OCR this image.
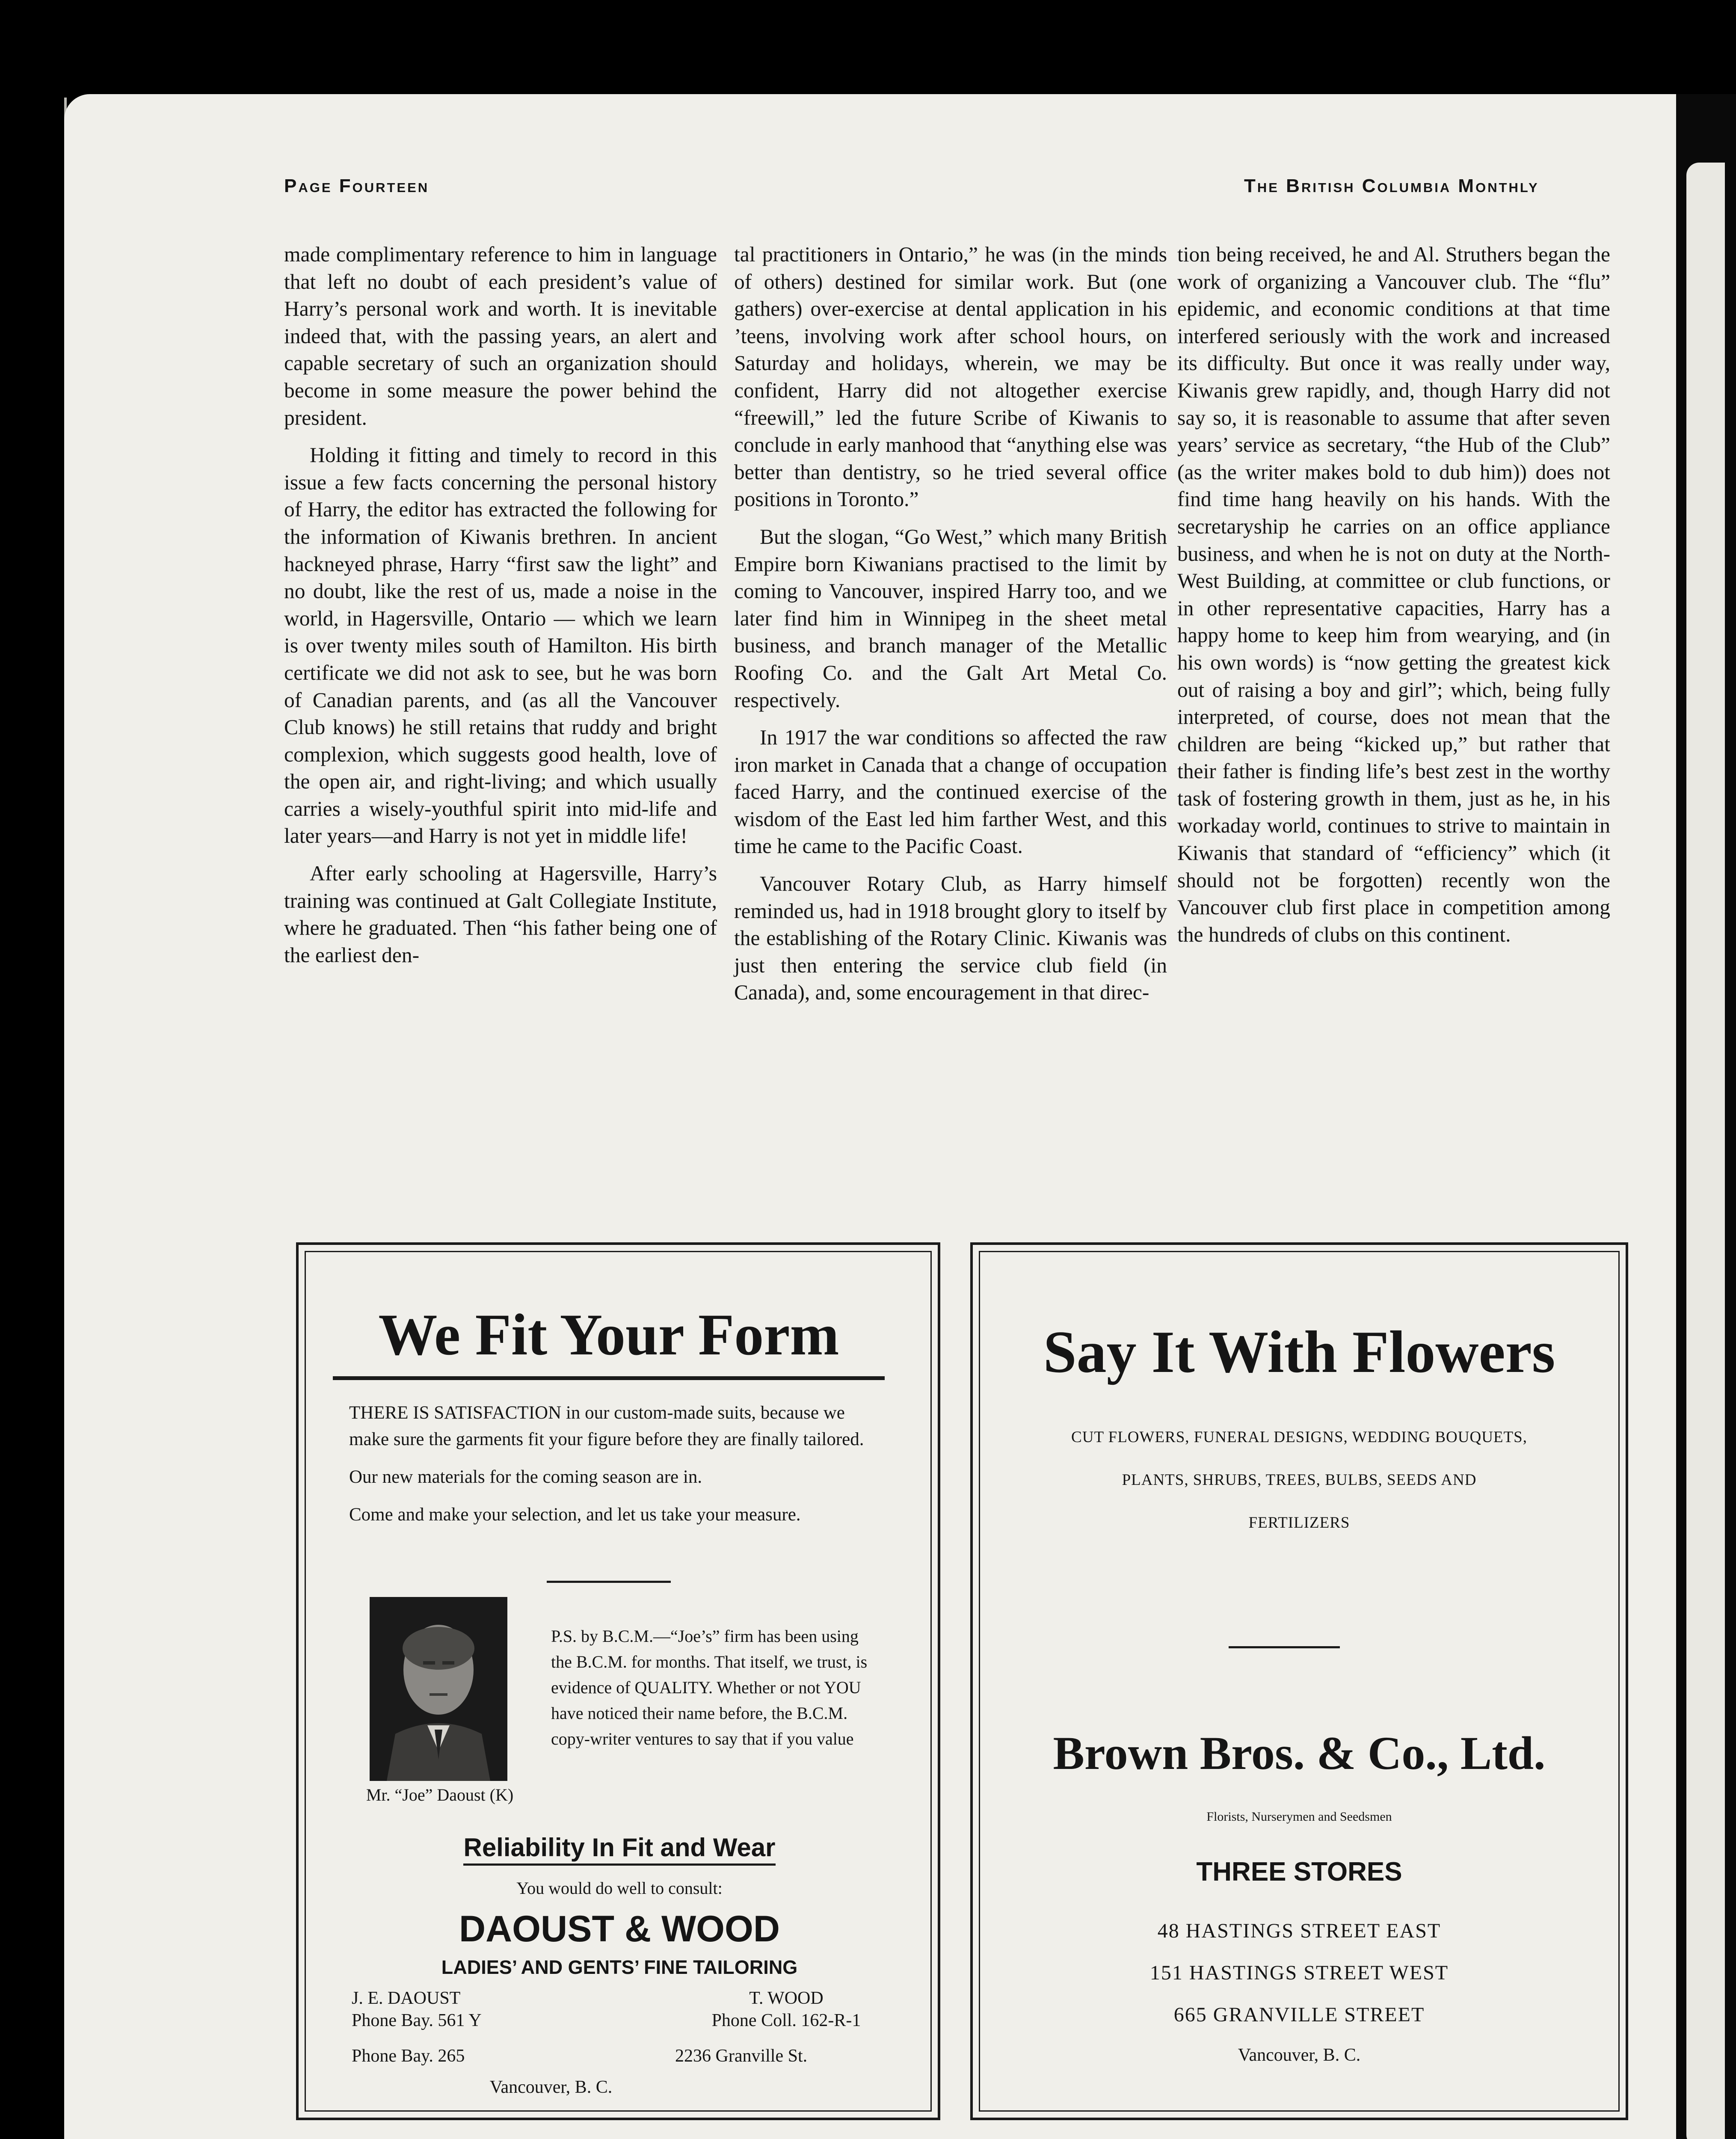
Page Fourteen	The British Columbia Monthly

made complimentary reference to him in language that left no doubt of each president’s value of Harry’s personal work and worth. It is inevitable indeed that, with the passing years, an alert and capable secretary of such an organization should become in some measure the power behind the president.

Holding it fitting and timely to record in this issue a few facts concerning the personal history of Harry, the editor has extracted the following for the information of Kiwanis brethren. In ancient hackneyed phrase, Harry “first saw the light” and no doubt, like the rest of us, made a noise in the world, in Hagersville, Ontario — which we learn is over twenty miles south of Hamilton. His birth certificate we did not ask to see, but he was born of Canadian parents, and (as all the Vancouver Club knows) he still retains that ruddy and bright complexion, which suggests good health, love of the open air, and right-living; and which usually carries a wisely-youthful spirit into mid-life and later years—and Harry is not yet in middle life!

After early schooling at Hagersville, Harry’s training was continued at Galt Collegiate Institute, where he graduated. Then “his father being one of the earliest den-

tal practitioners in Ontario,” he was (in the minds of others) destined for similar work. But (one gathers) over-exercise at dental application in his ’teens, involving work after school hours, on Saturday and holidays, wherein, we may be confident, Harry did not altogether exercise “freewill,” led the future Scribe of Kiwanis to conclude in early manhood that “anything else was better than dentistry, so he tried several office positions in Toronto.”

But the slogan, “Go West,” which many British Empire born Kiwanians practised to the limit by coming to Vancouver, inspired Harry too, and we later find him in Winnipeg in the sheet metal business, and branch manager of the Metallic Roofing Co. and the Galt Art Metal Co. respectively.

In 1917 the war conditions so affected the raw iron market in Canada that a change of occupation faced Harry, and the continued exercise of the wisdom of the East led him farther West, and this time he came to the Pacific Coast.

Vancouver Rotary Club, as Harry himself reminded us, had in 1918 brought glory to itself by the establishing of the Rotary Clinic. Kiwanis was just then entering the service club field (in Canada), and, some encouragement in that direc-

tion being received, he and Al. Struthers began the work of organizing a Vancouver club. The “flu” epidemic, and economic conditions at that time interfered seriously with the work and increased its difficulty. But once it was really under way, Kiwanis grew rapidly, and, though Harry did not say so, it is reasonable to assume that after seven years’ service as secretary, “the Hub of the Club” (as the writer makes bold to dub him)) does not find time hang heavily on his hands. With the secretaryship he carries on an office appliance business, and when he is not on duty at the North-West Building, at committee or club functions, or in other representative capacities, Harry has a happy home to keep him from wearying, and (in his own words) is “now getting the greatest kick out of raising a boy and girl”; which, being fully interpreted, of course, does not mean that the children are being “kicked up,” but rather that their father is finding life’s best zest in the worthy task of fostering growth in them, just as he, in his workaday world, continues to strive to maintain in Kiwanis that standard of “efficiency” which (it should not be forgotten) recently won the Vancouver club first place in competition among the hundreds of clubs on this continent.

We Fit Your Form

THERE IS SATISFACTION in our custom-made suits, because we make sure the garments fit your figure before they are finally tailored.

Our new materials for the coming season are in.

Come and make your selection, and let us take your measure.

Mr. “Joe” Daoust (K)
P.S. by B.C.M.—“Joe’s” firm has been using the B.C.M. for months. That itself, we trust, is evidence of QUALITY. Whether or not YOU have noticed their name before, the B.C.M. copy-writer ventures to say that if you value
Reliability In Fit and Wear
You would do well to consult:
DAOUST & WOOD
LADIES’ AND GENTS’ FINE TAILORING
J. E. DAOUST
Phone Bay. 561 Y
T. WOOD
Phone Coll. 162-R-1
Phone Bay. 265	2236 Granville St.
Vancouver, B. C.
Say It With Flowers
CUT FLOWERS, FUNERAL DESIGNS, WEDDING BOUQUETS,
PLANTS, SHRUBS, TREES, BULBS, SEEDS AND
FERTILIZERS
Brown Bros. & Co., Ltd.
Florists, Nurserymen and Seedsmen
THREE STORES
48 HASTINGS STREET EAST
151 HASTINGS STREET WEST
665 GRANVILLE STREET
Vancouver, B. C.
